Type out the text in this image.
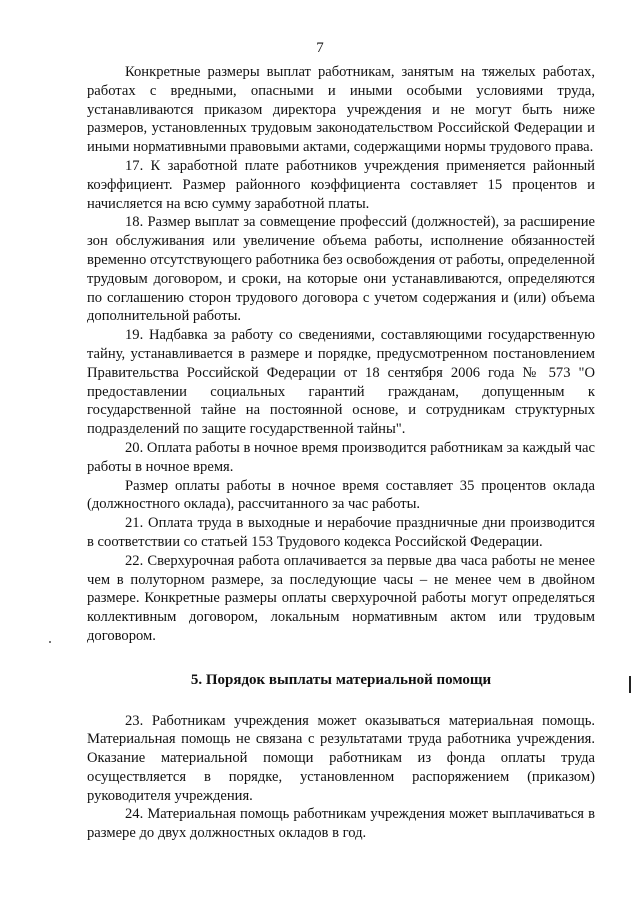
7

Конкретные размеры выплат работникам, занятым на тяжелых работах, работах с вредными, опасными и иными особыми условиями труда, устанавливаются приказом директора учреждения и не могут быть ниже размеров, установленных трудовым законодательством Российской Федерации и иными нормативными правовыми актами, содержащими нормы трудового права.

17. К заработной плате работников учреждения применяется районный коэффициент. Размер районного коэффициента составляет 15 процентов и начисляется на всю сумму заработной платы.

18. Размер выплат за совмещение профессий (должностей), за расширение зон обслуживания или увеличение объема работы, исполнение обязанностей временно отсутствующего работника без освобождения от работы, определенной трудовым договором, и сроки, на которые они устанавливаются, определяются по соглашению сторон трудового договора с учетом содержания и (или) объема дополнительной работы.

19. Надбавка за работу со сведениями, составляющими государственную тайну, устанавливается в размере и порядке, предусмотренном постановлением Правительства Российской Федерации от 18 сентября 2006 года № 573 "О предоставлении социальных гарантий гражданам, допущенным к государственной тайне на постоянной основе, и сотрудникам структурных подразделений по защите государственной тайны".

20. Оплата работы в ночное время производится работникам за каждый час работы в ночное время.

Размер оплаты работы в ночное время составляет 35 процентов оклада (должностного оклада), рассчитанного за час работы.

21. Оплата труда в выходные и нерабочие праздничные дни производится в соответствии со статьей 153 Трудового кодекса Российской Федерации.

22. Сверхурочная работа оплачивается за первые два часа работы не менее чем в полуторном размере, за последующие часы – не менее чем в двойном размере. Конкретные размеры оплаты сверхурочной работы могут определяться коллективным договором, локальным нормативным актом или трудовым договором.

5. Порядок выплаты материальной помощи

23. Работникам учреждения может оказываться материальная помощь. Материальная помощь не связана с результатами труда работника учреждения. Оказание материальной помощи работникам из фонда оплаты труда осуществляется в порядке, установленном распоряжением (приказом) руководителя учреждения.

24. Материальная помощь работникам учреждения может выплачиваться в размере до двух должностных окладов в год.
